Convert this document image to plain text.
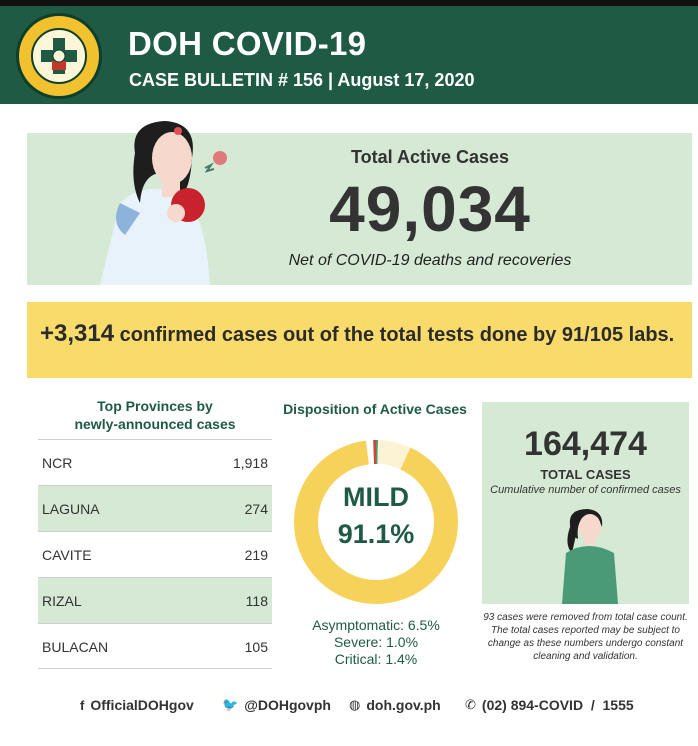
DOH COVID-19
CASE BULLETIN # 156 | August 17, 2020
Total Active Cases
49,034
Net of COVID-19 deaths and recoveries
+3,314 confirmed cases out of the total tests done by 91/105 labs.
Top Provinces by
newly-announced cases
NCR	1,918
LAGUNA	274
CAVITE	219
RIZAL	118
BULACAN	105
Disposition of Active Cases
MILD
91.1%
Asymptomatic: 6.5%
Severe: 1.0%
Critical: 1.4%
164,474
TOTAL CASES
Cumulative number of confirmed cases
93 cases were removed from total case count. The total cases reported may be subject to change as these numbers undergo constant cleaning and validation.
f OfficialDOHgov 🐦 @DOHgovph ◍ doh.gov.ph ✆ (02) 894-COVID  /  1555
